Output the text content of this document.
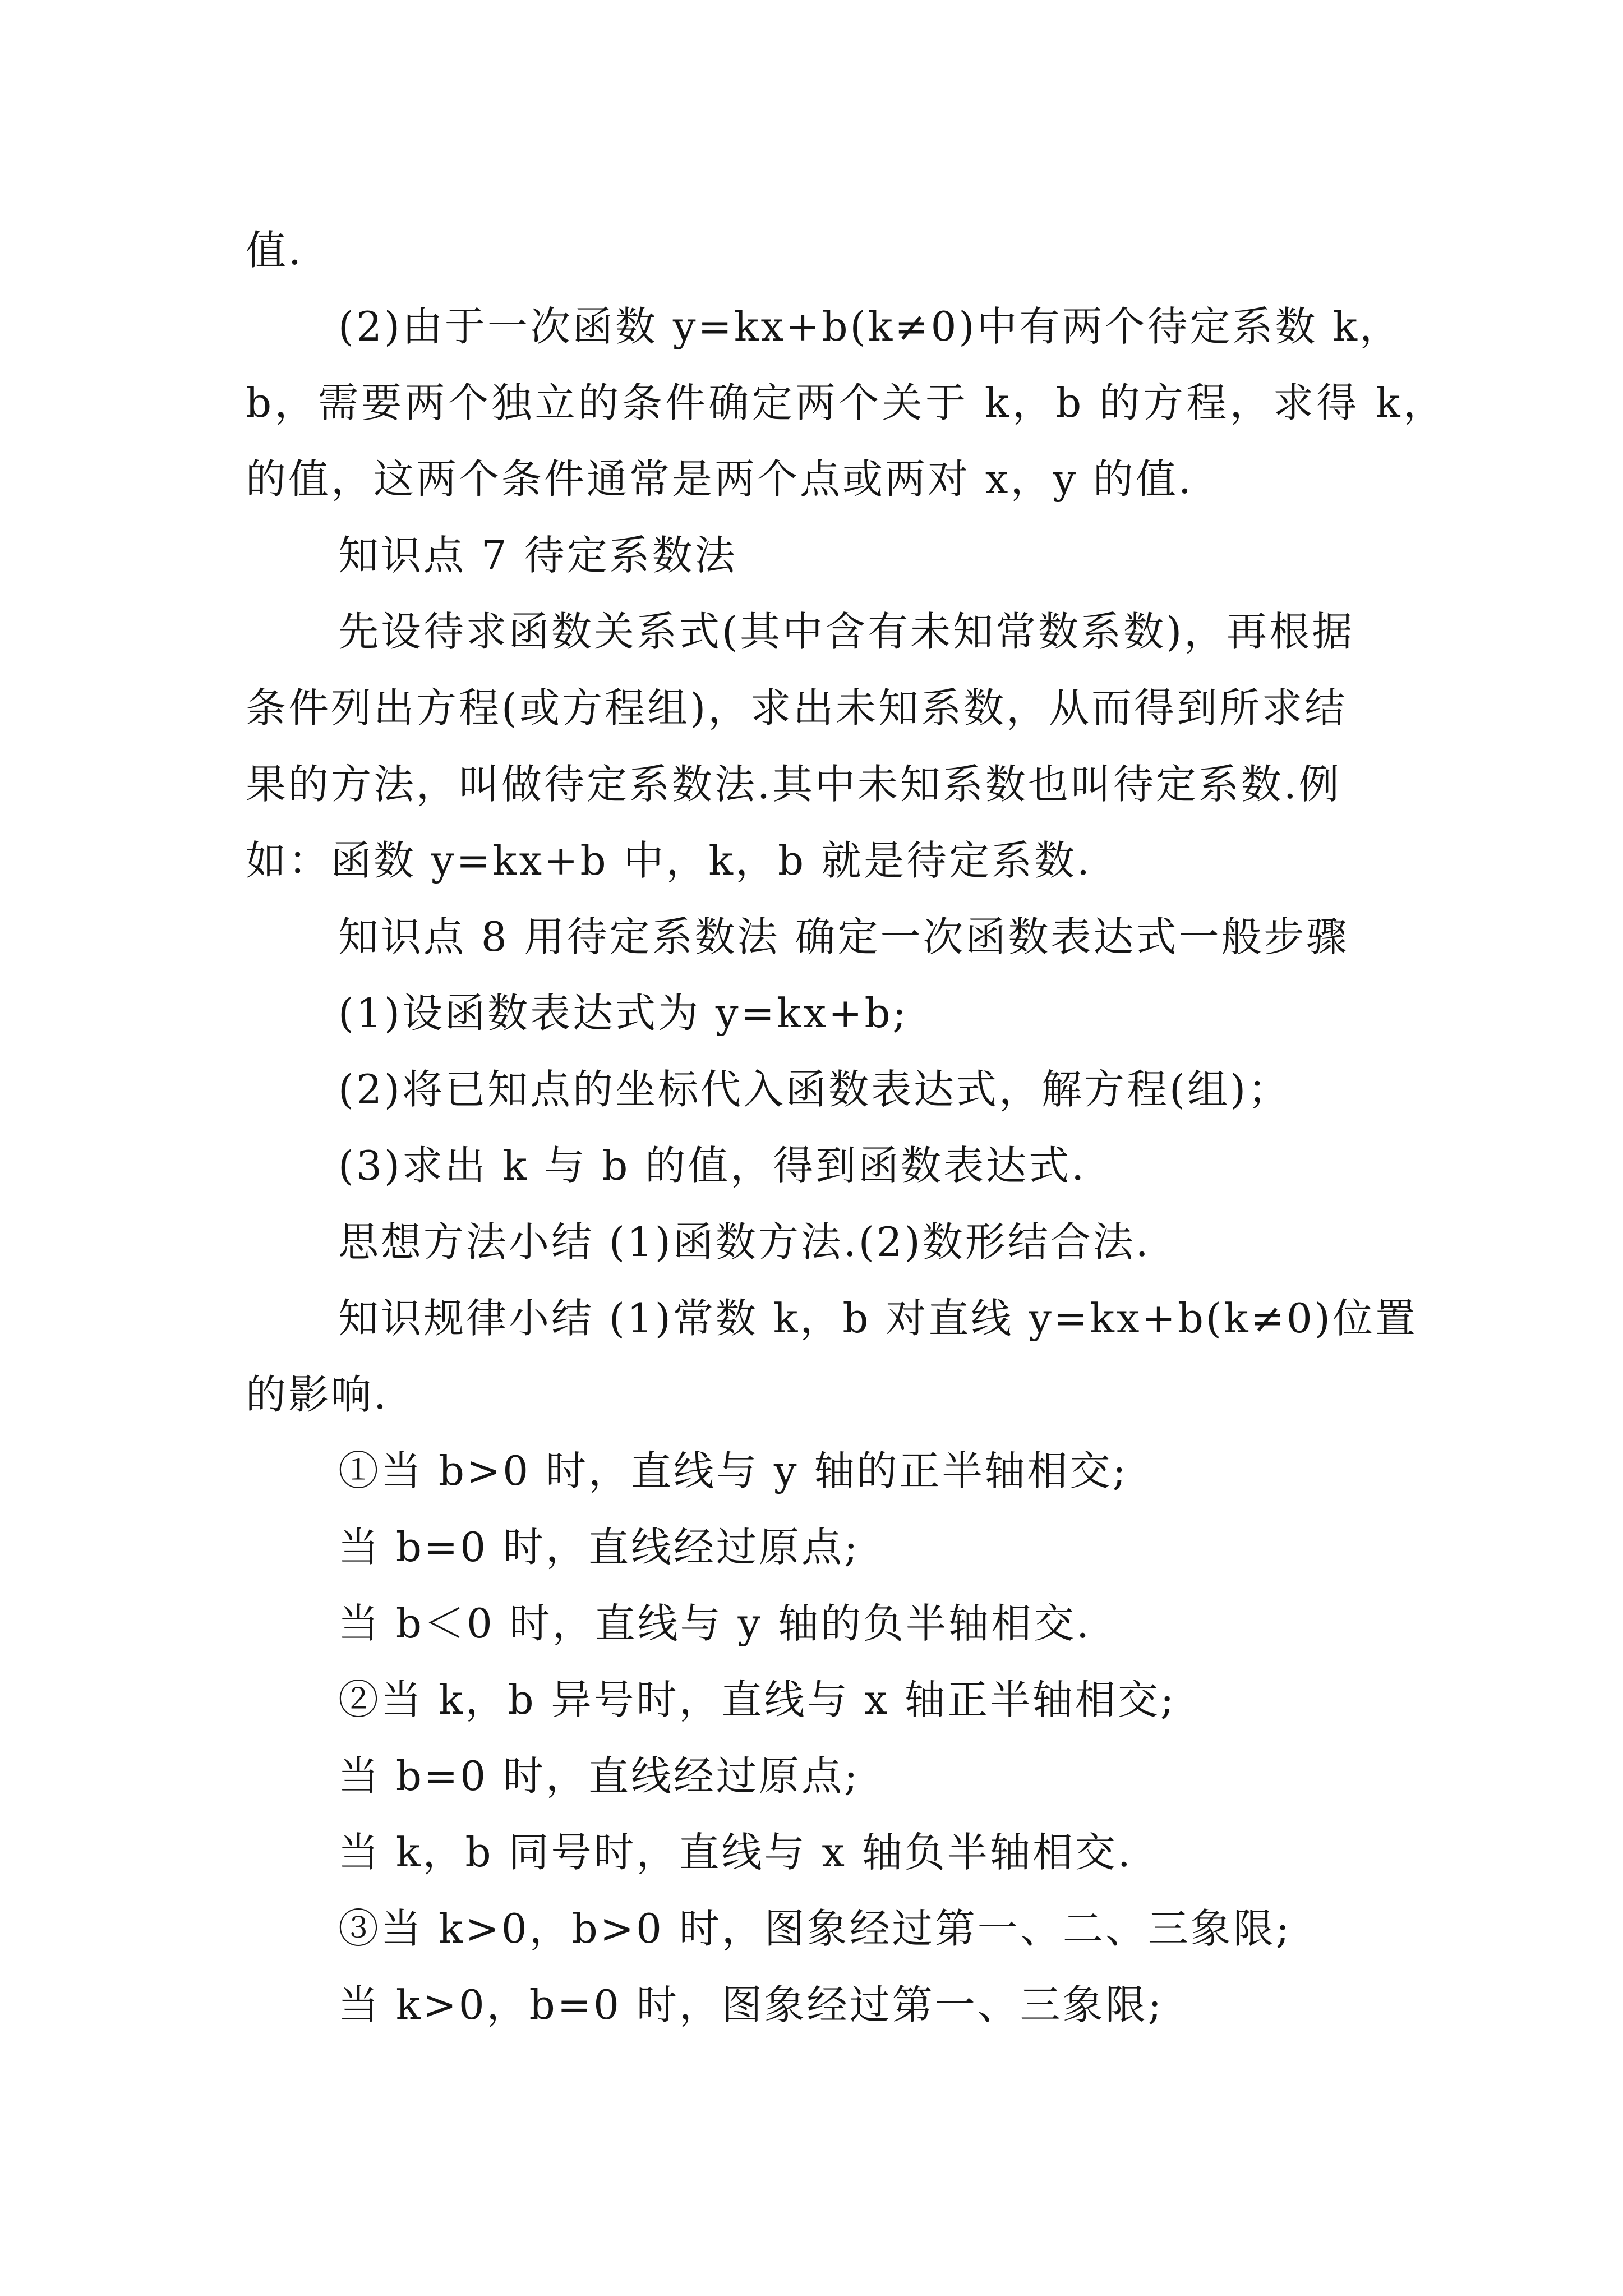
值.
(2)由于一次函数 y=kx+b(k≠0)中有两个待定系数 k，
b，需要两个独立的条件确定两个关于 k，b 的方程，求得 k，
的值，这两个条件通常是两个点或两对 x，y 的值.
知识点 7 待定系数法
先设待求函数关系式(其中含有未知常数系数)，再根据
条件列出方程(或方程组)，求出未知系数，从而得到所求结
果的方法，叫做待定系数法.其中未知系数也叫待定系数.例
如：函数 y=kx+b 中，k，b 就是待定系数.
知识点 8 用待定系数法 确定一次函数表达式一般步骤
(1)设函数表达式为 y=kx+b;
(2)将已知点的坐标代入函数表达式，解方程(组)；
(3)求出 k 与 b 的值，得到函数表达式.
思想方法小结 (1)函数方法.(2)数形结合法.
知识规律小结 (1)常数 k，b 对直线 y=kx+b(k≠0)位置
的影响.
①当 b>0 时，直线与 y 轴的正半轴相交;
当 b=0 时，直线经过原点;
当 b＜0 时，直线与 y 轴的负半轴相交.
②当 k，b 异号时，直线与 x 轴正半轴相交;
当 b=0 时，直线经过原点;
当 k，b 同号时，直线与 x 轴负半轴相交.
③当 k>0，b>0 时，图象经过第一、二、三象限;
当 k>0，b=0 时，图象经过第一、三象限;
